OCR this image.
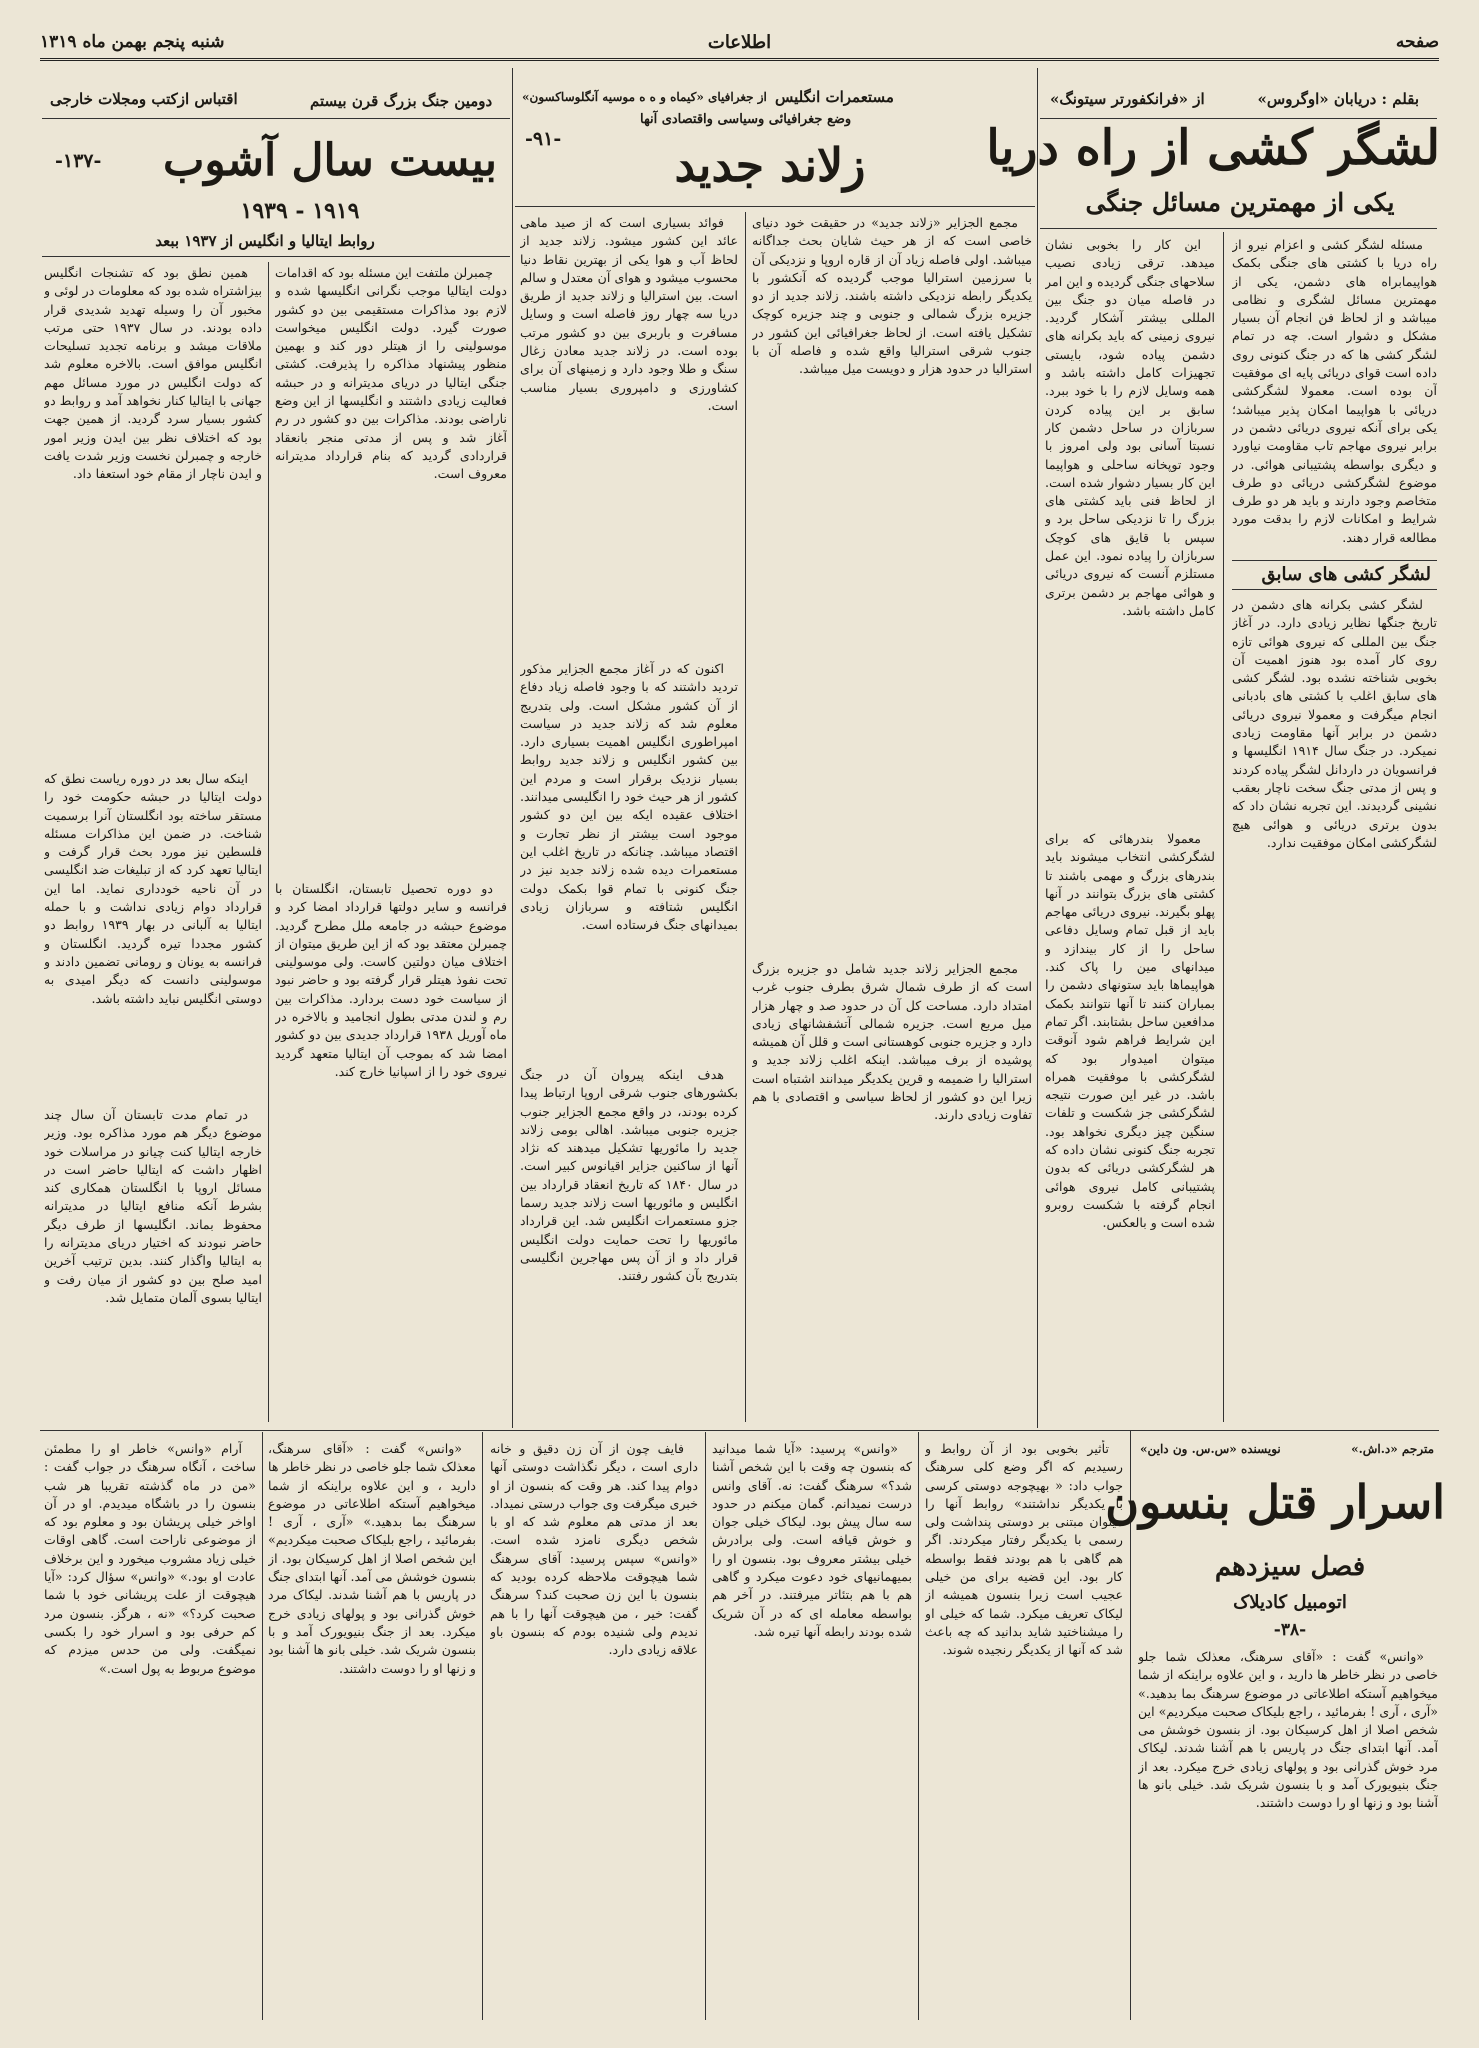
شنبه پنجم بهمن ماه ۱۳۱۹	اطلاعات	صفحه
بقلم : دریابان «اوگروس»
از «فرانکفورتر سیتونگ»
لشگر کشی از راه دریا
یکی از مهمترین مسائل جنگی

مسئله لشگر کشی و اعزام نیرو از راه دریا با کشتی های جنگی بکمک هواپیمابراه های دشمن، یکی از مهمترین مسائل لشگری و نظامی میباشد و از لحاظ فن انجام آن بسیار مشکل و دشوار است. چه در تمام لشگر کشی ها که در جنگ کنونی روی داده است قوای دریائی پایه ای موفقیت آن بوده است. معمولا لشگرکشی دریائی با هواپیما امکان پذیر میباشد؛ یکی برای آنکه نیروی دریائی دشمن در برابر نیروی مهاجم تاب مقاومت نیاورد و دیگری بواسطه پشتیبانی هوائی. در موضوع لشگرکشی دریائی دو طرف متخاصم وجود دارند و باید هر دو طرف شرایط و امکانات لازم را بدقت مورد مطالعه قرار دهند.

لشگر کشی های سابق

لشگر کشی بکرانه های دشمن در تاریخ جنگها نظایر زیادی دارد. در آغاز جنگ بین المللی که نیروی هوائی تازه روی کار آمده بود هنوز اهمیت آن بخوبی شناخته نشده بود. لشگر کشی های سابق اغلب با کشتی های بادبانی انجام میگرفت و معمولا نیروی دریائی دشمن در برابر آنها مقاومت زیادی نمیکرد. در جنگ سال ۱۹۱۴ انگلیسها و فرانسویان در داردانل لشگر پیاده کردند و پس از مدتی جنگ سخت ناچار بعقب نشینی گردیدند. این تجربه نشان داد که بدون برتری دریائی و هوائی هیچ لشگرکشی امکان موفقیت ندارد.

این کار را بخوبی نشان میدهد. ترقی زیادی نصیب سلاحهای جنگی گردیده و این امر در فاصله میان دو جنگ بین المللی بیشتر آشکار گردید. نیروی زمینی که باید بکرانه های دشمن پیاده شود، بایستی تجهیزات کامل داشته باشد و همه وسایل لازم را با خود ببرد. سابق بر این پیاده کردن سربازان در ساحل دشمن کار نسبتا آسانی بود ولی امروز با وجود توپخانه ساحلی و هواپیما این کار بسیار دشوار شده است. از لحاظ فنی باید کشتی های بزرگ را تا نزدیکی ساحل برد و سپس با قایق های کوچک سربازان را پیاده نمود. این عمل مستلزم آنست که نیروی دریائی و هوائی مهاجم بر دشمن برتری کامل داشته باشد.

معمولا بندرهائی که برای لشگرکشی انتخاب میشوند باید بندرهای بزرگ و مهمی باشند تا کشتی های بزرگ بتوانند در آنها پهلو بگیرند. نیروی دریائی مهاجم باید از قبل تمام وسایل دفاعی ساحل را از کار بیندازد و میدانهای مین را پاک کند. هواپیماها باید ستونهای دشمن را بمباران کنند تا آنها نتوانند بکمک مدافعین ساحل بشتابند. اگر تمام این شرایط فراهم شود آنوقت میتوان امیدوار بود که لشگرکشی با موفقیت همراه باشد. در غیر این صورت نتیجه لشگرکشی جز شکست و تلفات سنگین چیز دیگری نخواهد بود. تجربه جنگ کنونی نشان داده که هر لشگرکشی دریائی که بدون پشتیبانی کامل نیروی هوائی انجام گرفته با شکست روبرو شده است و بالعکس.

مستعمرات انگلیس
از جغرافیای «کیماه و ه ه موسیه آنگلوساکسون»
وضع جغرافیائی وسیاسی واقتصادی آنها
-۹۱-	زلاند جدید

مجمع الجزایر «زلاند جدید» در حقیقت خود دنیای خاصی است که از هر حیث شایان بحث جداگانه میباشد. اولی فاصله زیاد آن از قاره اروپا و نزدیکی آن با سرزمین استرالیا موجب گردیده که آنکشور با یکدیگر رابطه نزدیکی داشته باشند. زلاند جدید از دو جزیره بزرگ شمالی و جنوبی و چند جزیره کوچک تشکیل یافته است. از لحاظ جغرافیائی این کشور در جنوب شرقی استرالیا واقع شده و فاصله آن با استرالیا در حدود هزار و دویست میل میباشد.

مجمع الجزایر زلاند جدید شامل دو جزیره بزرگ است که از طرف شمال شرق بطرف جنوب غرب امتداد دارد. مساحت کل آن در حدود صد و چهار هزار میل مربع است. جزیره شمالی آتشفشانهای زیادی دارد و جزیره جنوبی کوهستانی است و قلل آن همیشه پوشیده از برف میباشد. اینکه اغلب زلاند جدید و استرالیا را ضمیمه و قرین یکدیگر میدانند اشتباه است زیرا این دو کشور از لحاظ سیاسی و اقتصادی با هم تفاوت زیادی دارند.

فوائد بسیاری است که از صید ماهی عائد این کشور میشود. زلاند جدید از لحاظ آب و هوا یکی از بهترین نقاط دنیا محسوب میشود و هوای آن معتدل و سالم است. بین استرالیا و زلاند جدید از طریق دریا سه چهار روز فاصله است و وسایل مسافرت و باربری بین دو کشور مرتب بوده است. در زلاند جدید معادن زغال سنگ و طلا وجود دارد و زمینهای آن برای کشاورزی و دامپروری بسیار مناسب است.

اکنون که در آغاز مجمع الجزایر مذکور تردید داشتند که با وجود فاصله زیاد دفاع از آن کشور مشکل است. ولی بتدریج معلوم شد که زلاند جدید در سیاست امپراطوری انگلیس اهمیت بسیاری دارد. بین کشور انگلیس و زلاند جدید روابط بسیار نزدیک برقرار است و مردم این کشور از هر حیث خود را انگلیسی میدانند. اختلاف عقیده ایکه بین این دو کشور موجود است بیشتر از نظر تجارت و اقتصاد میباشد. چنانکه در تاریخ اغلب این مستعمرات دیده شده زلاند جدید نیز در جنگ کنونی با تمام قوا بکمک دولت انگلیس شتافته و سربازان زیادی بمیدانهای جنگ فرستاده است.

هدف اینکه پیروان آن در جنگ بکشورهای جنوب شرقی اروپا ارتباط پیدا کرده بودند، در واقع مجمع الجزایر جنوب جزیره جنوبی میباشد. اهالی بومی زلاند جدید را مائوریها تشکیل میدهند که نژاد آنها از ساکنین جزایر اقیانوس کبیر است. در سال ۱۸۴۰ که تاریخ انعقاد قرارداد بین انگلیس و مائوریها است زلاند جدید رسما جزو مستعمرات انگلیس شد. این قرارداد مائوریها را تحت حمایت دولت انگلیس قرار داد و از آن پس مهاجرین انگلیسی بتدریج بآن کشور رفتند.

اقتباس ازکتب ومجلات خارجی	دومین جنگ بزرگ قرن بیستم
-۱۳۷- بیست سال آشوب
۱۹۱۹ - ۱۹۳۹
روابط ایتالیا و انگلیس از ۱۹۳۷ ببعد

چمبرلن ملتفت این مسئله بود که اقدامات دولت ایتالیا موجب نگرانی انگلیسها شده و لازم بود مذاکرات مستقیمی بین دو کشور صورت گیرد. دولت انگلیس میخواست موسولینی را از هیتلر دور کند و بهمین منظور پیشنهاد مذاکره را پذیرفت. کشتی جنگی ایتالیا در دریای مدیترانه و در حبشه فعالیت زیادی داشتند و انگلیسها از این وضع ناراضی بودند. مذاکرات بین دو کشور در رم آغاز شد و پس از مدتی منجر بانعقاد قراردادی گردید که بنام قرارداد مدیترانه معروف است.

دو دوره تحصیل تابستان، انگلستان با فرانسه و سایر دولتها قرارداد امضا کرد و موضوع حبشه در جامعه ملل مطرح گردید. چمبرلن معتقد بود که از این طریق میتوان از اختلاف میان دولتین کاست. ولی موسولینی تحت نفوذ هیتلر قرار گرفته بود و حاضر نبود از سیاست خود دست بردارد. مذاکرات بین رم و لندن مدتی بطول انجامید و بالاخره در ماه آوریل ۱۹۳۸ قرارداد جدیدی بین دو کشور امضا شد که بموجب آن ایتالیا متعهد گردید نیروی خود را از اسپانیا خارج کند.

همین نطق بود که تشنجات انگلیس بیزاشتراه شده بود که معلومات در لوئی و مخبور آن را وسیله تهدید شدیدی قرار داده بودند. در سال ۱۹۳۷ حتی مرتب ملاقات میشد و برنامه تجدید تسلیحات انگلیس موافق است. بالاخره معلوم شد که دولت انگلیس در مورد مسائل مهم جهانی با ایتالیا کنار نخواهد آمد و روابط دو کشور بسیار سرد گردید. از همین جهت بود که اختلاف نظر بین ایدن وزیر امور خارجه و چمبرلن نخست وزیر شدت یافت و ایدن ناچار از مقام خود استعفا داد.

اینکه سال بعد در دوره ریاست نطق که دولت ایتالیا در حبشه حکومت خود را مستقر ساخته بود انگلستان آنرا برسمیت شناخت. در ضمن این مذاکرات مسئله فلسطین نیز مورد بحث قرار گرفت و ایتالیا تعهد کرد که از تبلیغات ضد انگلیسی در آن ناحیه خودداری نماید. اما این قرارداد دوام زیادی نداشت و با حمله ایتالیا به آلبانی در بهار ۱۹۳۹ روابط دو کشور مجددا تیره گردید. انگلستان و فرانسه به یونان و رومانی تضمین دادند و موسولینی دانست که دیگر امیدی به دوستی انگلیس نباید داشته باشد.

در تمام مدت تابستان آن سال چند موضوع دیگر هم مورد مذاکره بود. وزیر خارجه ایتالیا کنت چیانو در مراسلات خود اظهار داشت که ایتالیا حاضر است در مسائل اروپا با انگلستان همکاری کند بشرط آنکه منافع ایتالیا در مدیترانه محفوظ بماند. انگلیسها از طرف دیگر حاضر نبودند که اختیار دریای مدیترانه را به ایتالیا واگذار کنند. بدین ترتیب آخرین امید صلح بین دو کشور از میان رفت و ایتالیا بسوی آلمان متمایل شد.

نویسنده «س.س. ون داین»	مترجم «د.اش.»
اسرار قتل بنسون
فصل سیزدهم
اتومبیل کادیلاک
-۳۸-

«وانس» گفت : «آقای سرهنگ، معذلک شما جلو خاصی در نظر خاطر ها دارید ، و این علاوه براینکه از شما میخواهیم آستکه اطلاعاتی در موضوع سرهنگ بما بدهید.» «آری ، آری ! بفرمائید ، راجع بلیکاک صحبت میکردیم» این شخص اصلا از اهل کرسیکان بود. از بنسون خوشش می آمد. آنها ابتدای جنگ در پاریس با هم آشنا شدند. لیکاک مرد خوش گذرانی بود و پولهای زیادی خرج میکرد. بعد از جنگ بنیویورک آمد و با بنسون شریک شد. خیلی بانو ها آشنا بود و زنها او را دوست داشتند.

تأثیر بخوبی بود از آن روابط و رسیدیم که اگر وضع کلی سرهنگ جواب داد: « بهیچوجه دوستی کرسی با یکدیگر نداشتند» روابط آنها را میتوان مبتنی بر دوستی پنداشت ولی رسمی با یکدیگر رفتار میکردند. اگر هم گاهی با هم بودند فقط بواسطه کار بود. این قضیه برای من خیلی عجیب است زیرا بنسون همیشه از لیکاک تعریف میکرد. شما که خیلی او را میشناختید شاید بدانید که چه باعث شد که آنها از یکدیگر رنجیده شوند.

«وانس» پرسید: «آیا شما میدانید که بنسون چه وقت با این شخص آشنا شد؟» سرهنگ گفت: نه. آقای وانس درست نمیدانم. گمان میکنم در حدود سه سال پیش بود. لیکاک خیلی جوان و خوش قیافه است. ولی برادرش خیلی بیشتر معروف بود. بنسون او را بمیهمانیهای خود دعوت میکرد و گاهی هم با هم بتئاتر میرفتند. در آخر هم بواسطه معامله ای که در آن شریک شده بودند رابطه آنها تیره شد.

فایف چون از آن زن دقیق و خانه داری است ، دیگر نگذاشت دوستی آنها دوام پیدا کند. هر وقت که بنسون از او خبری میگرفت وی جواب درستی نمیداد. بعد از مدتی هم معلوم شد که او با شخص دیگری نامزد شده است. «وانس» سپس پرسید: آقای سرهنگ شما هیچوقت ملاحظه کرده بودید که بنسون با این زن صحبت کند؟ سرهنگ گفت: خیر ، من هیچوقت آنها را با هم ندیدم ولی شنیده بودم که بنسون باو علاقه زیادی دارد.

آرام «وانس» خاطر او را مطمئن ساخت ، آنگاه سرهنگ در جواب گفت : «من در ماه گذشته تقریبا هر شب بنسون را در باشگاه میدیدم. او در آن اواخر خیلی پریشان بود و معلوم بود که از موضوعی ناراحت است. گاهی اوقات خیلی زیاد مشروب میخورد و این برخلاف عادت او بود.» «وانس» سؤال کرد: «آیا هیچوقت از علت پریشانی خود با شما صحبت کرد؟» «نه ، هرگز. بنسون مرد کم حرفی بود و اسرار خود را بکسی نمیگفت. ولی من حدس میزدم که موضوع مربوط به پول است.»

«وانس» گفت : «آقای سرهنگ، معذلک شما جلو خاصی در نظر خاطر ها دارید ، و این علاوه براینکه از شما میخواهیم آستکه اطلاعاتی در موضوع سرهنگ بما بدهید.» «آری ، آری ! بفرمائید ، راجع بلیکاک صحبت میکردیم» این شخص اصلا از اهل کرسیکان بود. از بنسون خوشش می آمد. آنها ابتدای جنگ در پاریس با هم آشنا شدند. لیکاک مرد خوش گذرانی بود و پولهای زیادی خرج میکرد. بعد از جنگ بنیویورک آمد و با بنسون شریک شد. خیلی بانو ها آشنا بود و زنها او را دوست داشتند.
